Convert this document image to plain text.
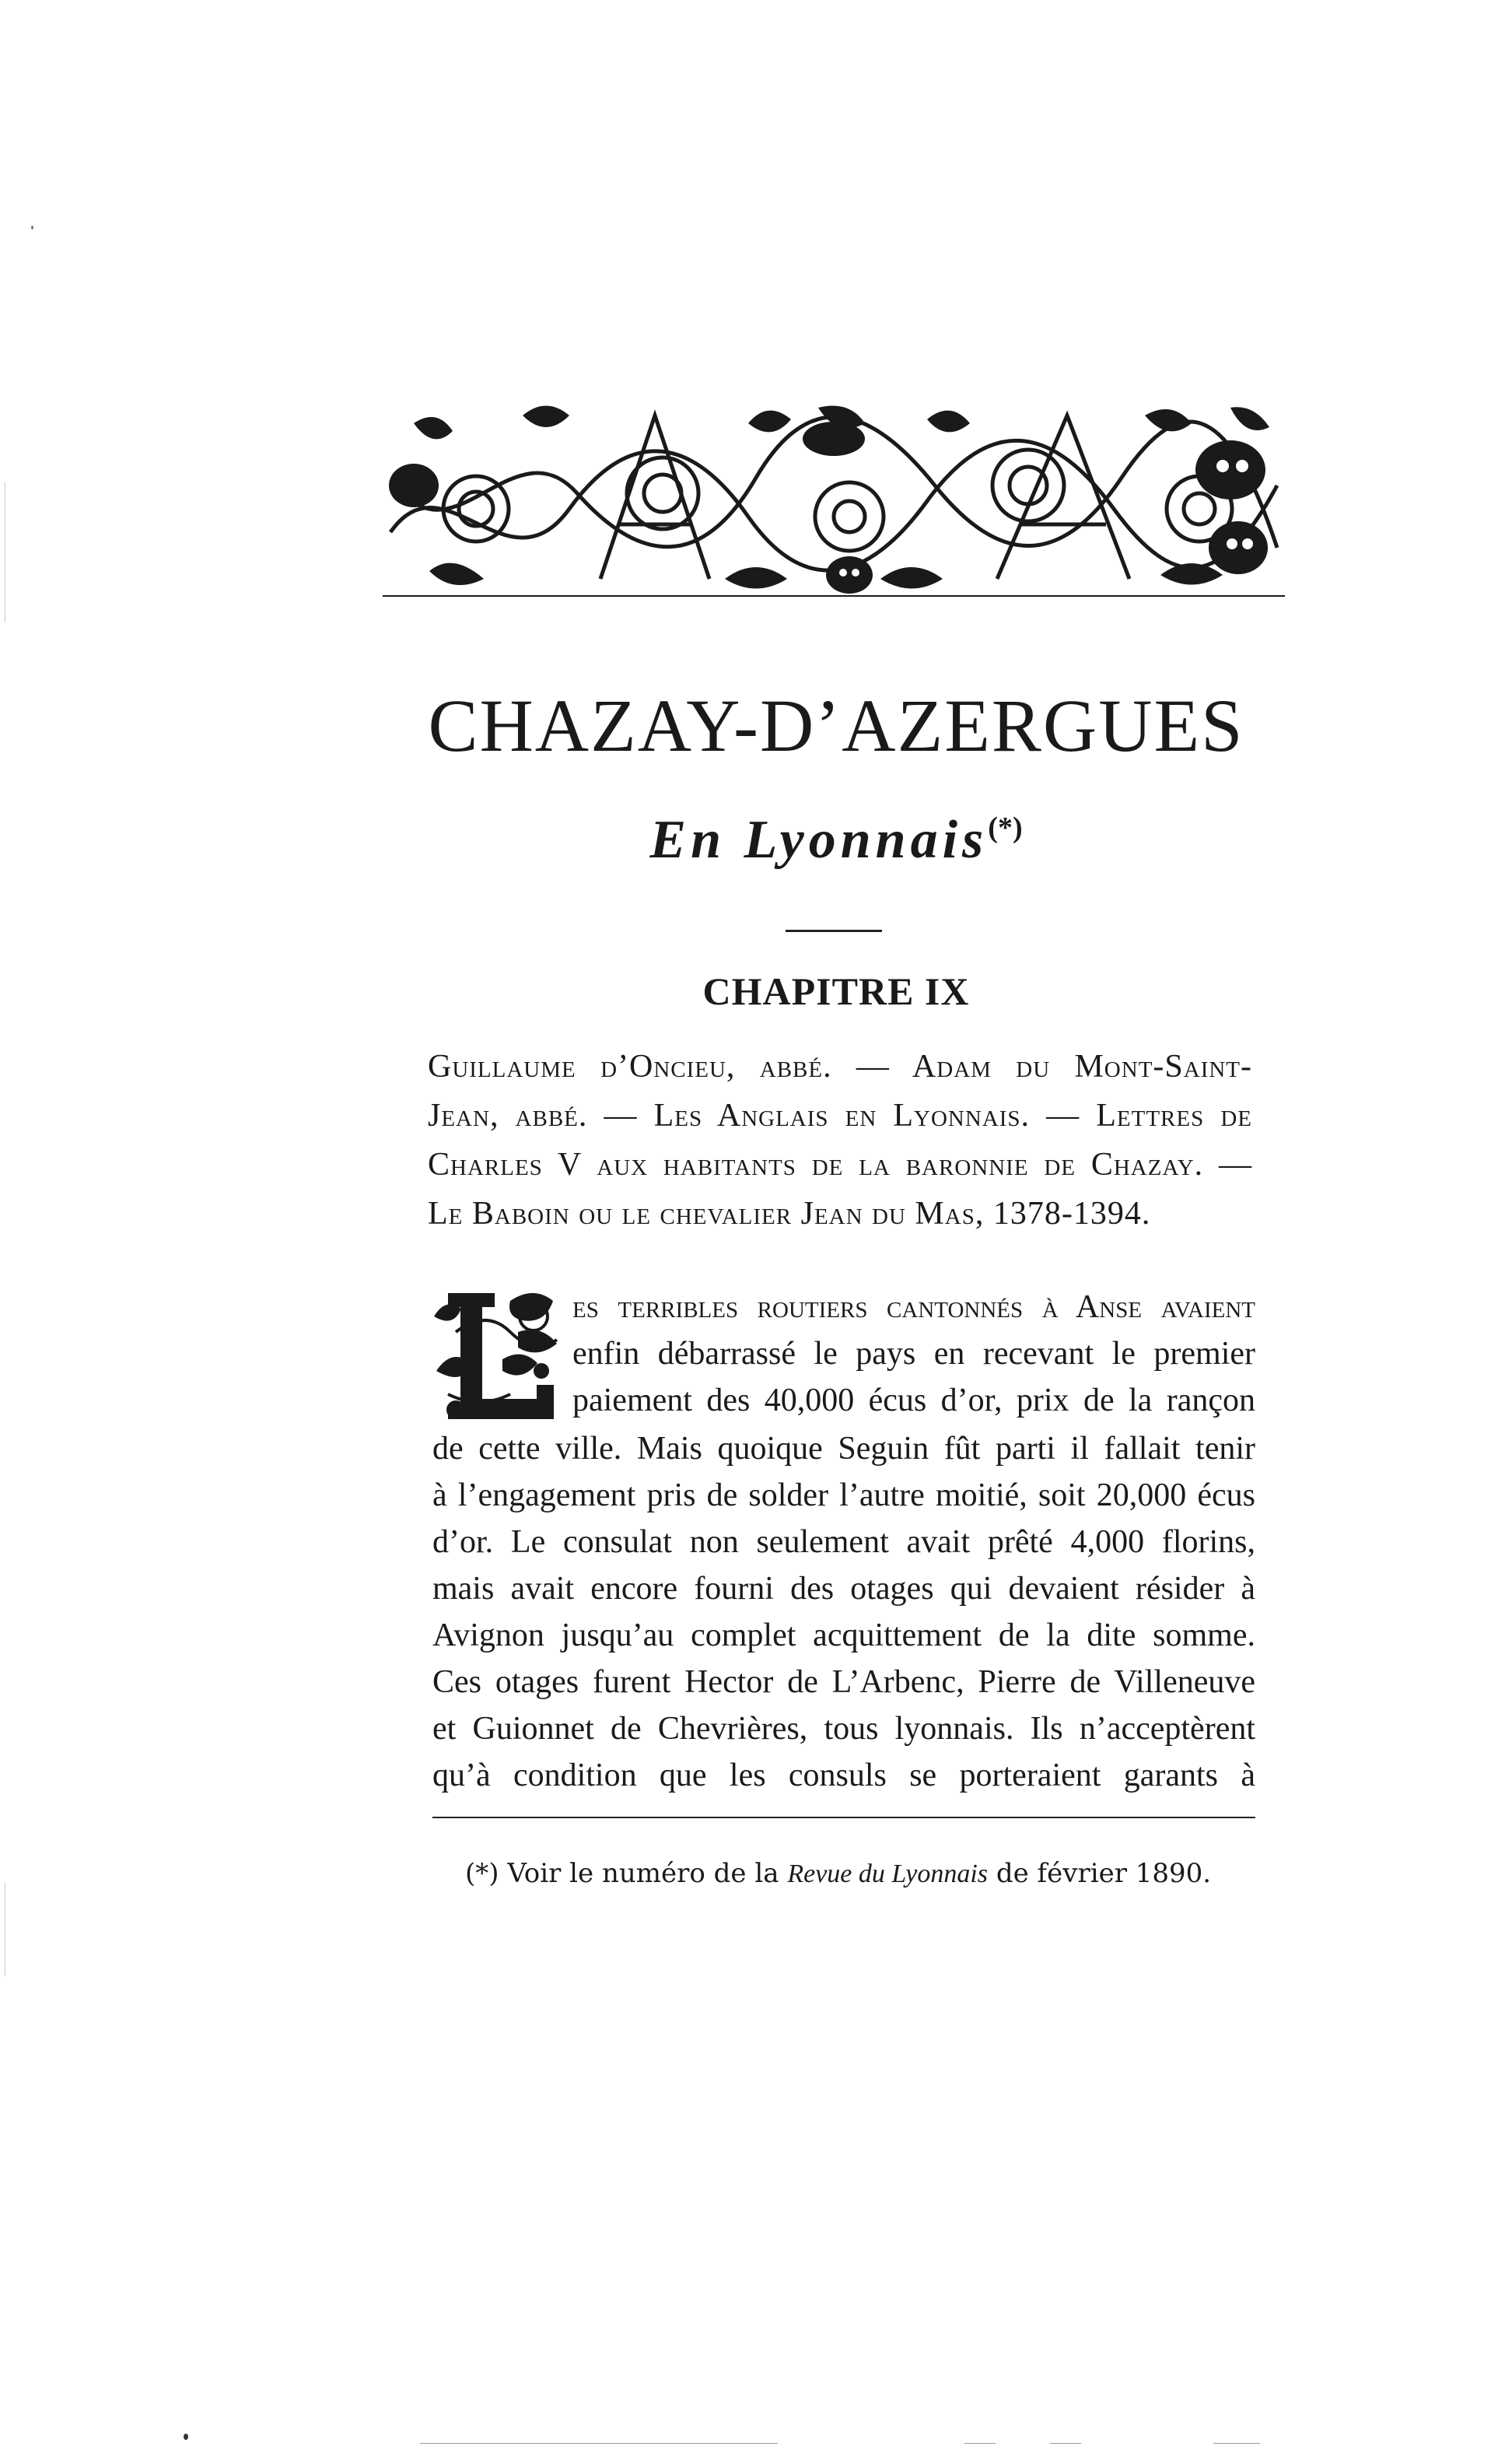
CHAZAY-D’AZERGUES
En Lyonnais(*)
CHAPITRE IX

Guillaume d’Oncieu, abbé. — Adam du Mont-Saint-
Jean, abbé. — Les Anglais en Lyonnais. — Lettres de
Charles V aux habitants de la baronnie de Chazay. —
Le Baboin ou le chevalier Jean du Mas, 1378-1394.

es terribles routiers cantonnés à Anse avaient
enfin débarrassé le pays en recevant le premier
paiement des 40,000 écus d’or, prix de la rançon
de cette ville. Mais quoique Seguin fût parti il fallait tenir
à l’engagement pris de solder l’autre moitié, soit 20,000 écus
d’or. Le consulat non seulement avait prêté 4,000 florins,
mais avait encore fourni des otages qui devaient résider à
Avignon jusqu’au complet acquittement de la dite somme.
Ces otages furent Hector de L’Arbenc, Pierre de Villeneuve
et Guionnet de Chevrières, tous lyonnais. Ils n’acceptèrent
qu’à condition que les consuls se porteraient garants à

(*) Voir le numéro de la Revue du Lyonnais de février 1890.
